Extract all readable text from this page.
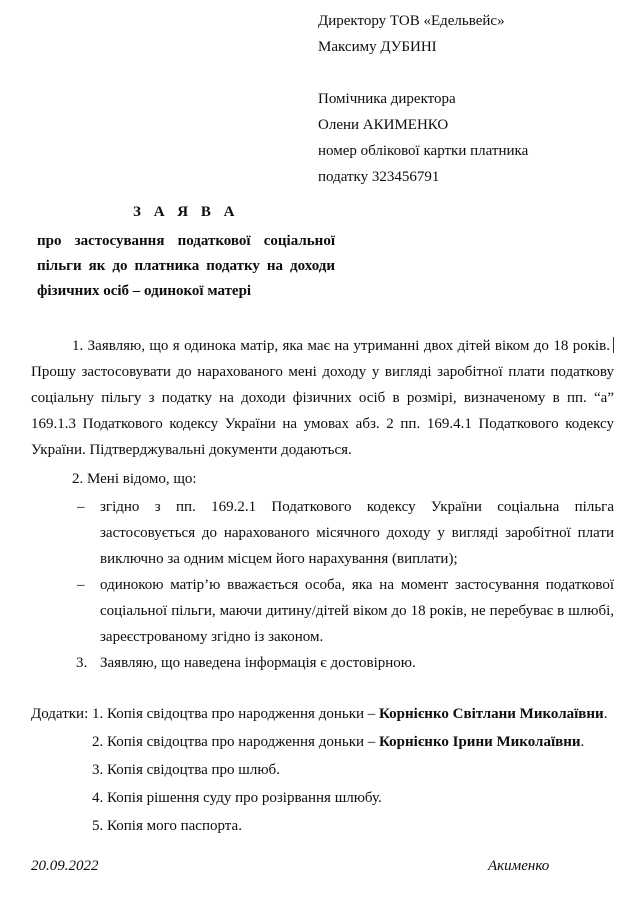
Директору ТОВ «Едельвейс»
Максиму ДУБИНІ
Помічника директора
Олени АКИМЕНКО
номер облікової картки платника
податку 323456791
З А Я В А
про застосування податкової соціальної
пільги як до платника податку на доходи
фізичних осіб – одинокої матері

1. Заявляю, що я одинока матір, яка має на утриманні двох дітей віком до 18 років. Прошу застосовувати до нарахованого мені доходу у вигляді заробітної плати податкову соціальну пільгу з податку на доходи фізичних осіб в розмірі, визначеному в пп. “а” 169.1.3 Податкового кодексу України на умовах абз. 2 пп. 169.4.1 Податкового кодексу України. Підтверджувальні документи додаються.

2. Мені відомо, що:

–	згідно з пп. 169.2.1 Податкового кодексу України соціальна пільга застосовується до нарахованого місячного доходу у вигляді заробітної плати виключно за одним місцем його нарахування (виплати);
–	одинокою матір’ю вважається особа, яка на момент застосування податкової соціальної пільги, маючи дитину/дітей віком до 18 років, не перебуває в шлюбі, зареєстрованому згідно із законом.
3. Заявляю, що наведена інформація є достовірною.
Додатки: 1. Копія свідоцтва про народження доньки – Корнієнко Світлани Миколаївни.
2. Копія свідоцтва про народження доньки – Корнієнко Ірини Миколаївни.
3. Копія свідоцтва про шлюб.
4. Копія рішення суду про розірвання шлюбу.
5. Копія мого паспорта.
20.09.2022	Акименко
